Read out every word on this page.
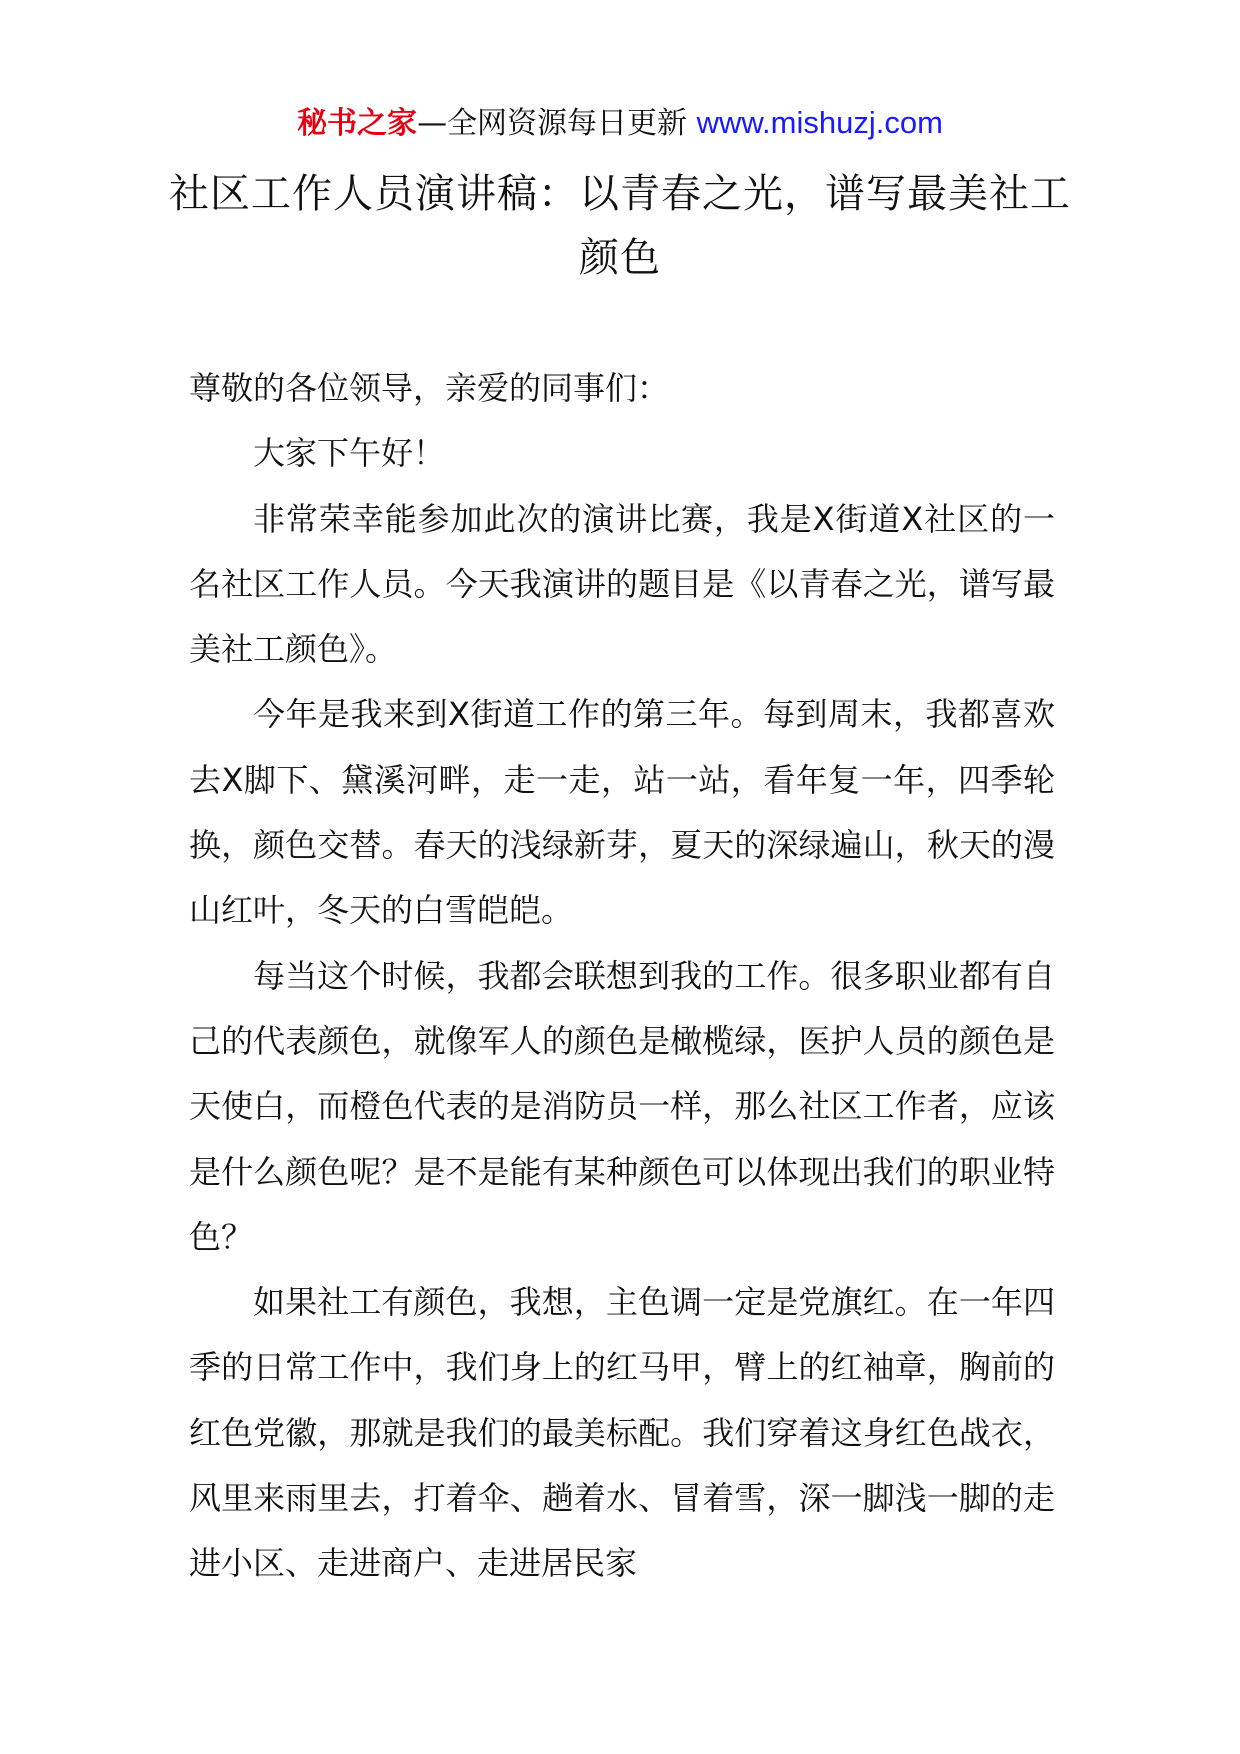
秘书之家—全网资源每日更新 www.mishuzj.com
社区工作人员演讲稿：以青春之光，谱写最美社工颜色

尊敬的各位领导，亲爱的同事们：

大家下午好！

非常荣幸能参加此次的演讲比赛，我是X街道X社区的一名社区工作人员。今天我演讲的题目是《以青春之光，谱写最美社工颜色》。

今年是我来到X街道工作的第三年。每到周末，我都喜欢去X脚下、黛溪河畔，走一走，站一站，看年复一年，四季轮换，颜色交替。春天的浅绿新芽，夏天的深绿遍山，秋天的漫山红叶，冬天的白雪皑皑。

每当这个时候，我都会联想到我的工作。很多职业都有自己的代表颜色，就像军人的颜色是橄榄绿，医护人员的颜色是天使白，而橙色代表的是消防员一样，那么社区工作者，应该是什么颜色呢？是不是能有某种颜色可以体现出我们的职业特色？

如果社工有颜色，我想，主色调一定是党旗红。在一年四季的日常工作中，我们身上的红马甲，臂上的红袖章，胸前的红色党徽，那就是我们的最美标配。我们穿着这身红色战衣，风里来雨里去，打着伞、趟着水、冒着雪，深一脚浅一脚的走进小区、走进商户、走进居民家
